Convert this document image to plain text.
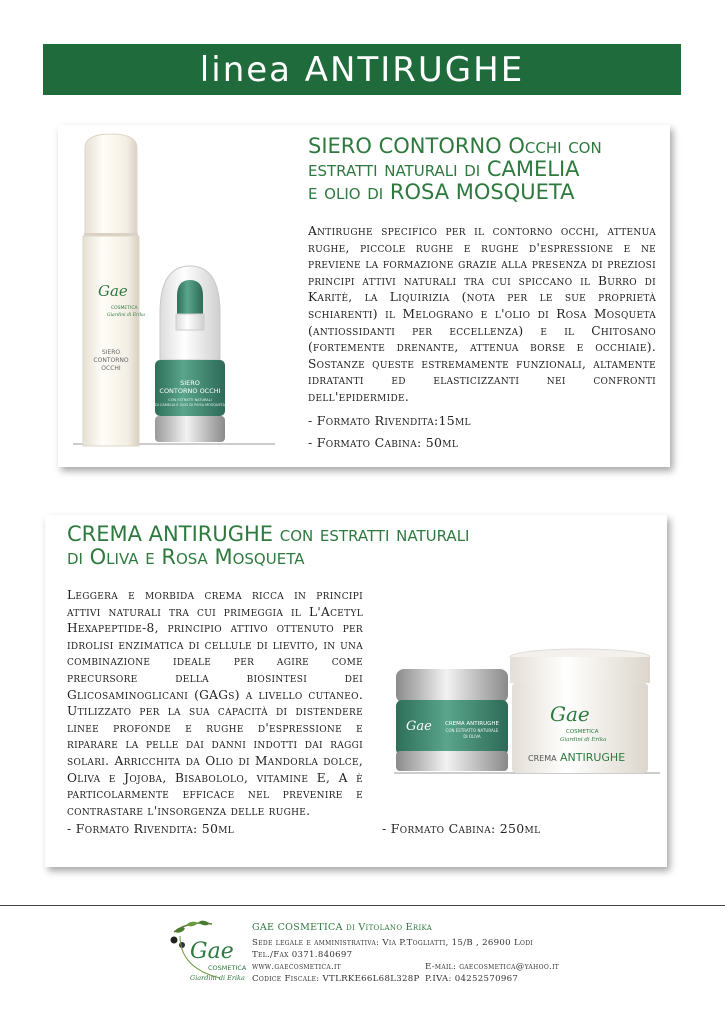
linea ANTIRUGHE
Gae
COSMETICA
Giardini di Erika
SIERO
CONTORNO
OCCHI
SIERO
CONTORNO OCCHI
CON ESTRATTI NATURALI
DI CAMELIA E OLIO DI ROSA MOSQUETA
SIERO CONTORNO Occhi con
estratti naturali di CAMELIA
e olio di ROSA MOSQUETA
Antirughe specifico per il contorno occhi, attenua rughe, piccole rughe e rughe d'espressione e ne previene la formazione grazie alla presenza di preziosi principi attivi naturali tra cui spiccano il Burro di Karitè, la Liquirizia (nota per le sue proprietà schiarenti) il Melograno e l'olio di Rosa Mosqueta (antiossidanti per eccellenza) e il Chitosano (fortemente drenante, attenua borse e occhiaie). Sostanze queste estremamente funzionali, altamente idratanti ed elasticizzanti nei confronti dell'epidermide.
- Formato Rivendita:15ml
- Formato Cabina: 50ml
CREMA ANTIRUGHE con estratti naturali
di Oliva e Rosa Mosqueta
Leggera e morbida crema ricca in principi attivi naturali tra cui primeggia il L'Acetyl Hexapeptide-8, principio attivo ottenuto per idrolisi enzimatica di cellule di lievito, in una combinazione ideale per agire come precursore della biosintesi dei Glicosaminoglicani (GAGs) a livello cutaneo. Utilizzato per la sua capacità di distendere linee profonde e rughe d'espressione e riparare la pelle dai danni indotti dai raggi solari. Arricchita da Olio di Mandorla dolce, Oliva e Jojoba, Bisabololo, vitamine E, A è particolarmente efficace nel prevenire e contrastare l'insorgenza delle rughe.
- Formato Rivendita: 50ml	- Formato Cabina: 250ml
Gae CREMA ANTIRUGHE
CON ESTRATTO NATURALE
DI OLIVA
Gae
COSMETICA
Giardini di Erika
CREMA ANTIRUGHE
Gae
COSMETICA
Giardini di Erika
GAE COSMETICA di Vitolano Erika
Sede legale e amministrativa: Via P.Togliatti, 15/B , 26900 Lodi
Tel./Fax 0371.840697
www.gaecosmetica.it	E-mail: gaecosmetica@yahoo.it
Codice Fiscale: VTLRKE66L68L328P P.IVA: 04252570967
